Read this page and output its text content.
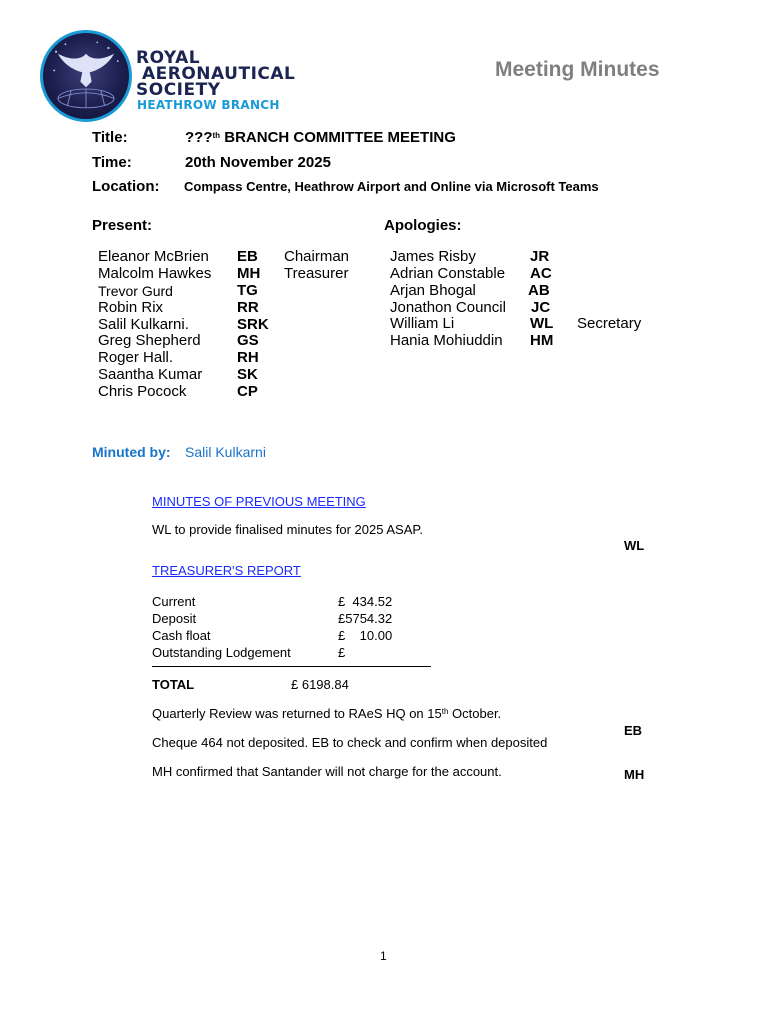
ROYAL
AERONAUTICAL
SOCIETY
HEATHROW BRANCH
Meeting Minutes
Title:	???$^{th}$ BRANCH COMMITTEE MEETING
Time:	20th November 2025
Location: Compass Centre, Heathrow Airport and Online via Microsoft Teams
Present:	Apologies:
Eleanor McBrien EB Chairman
Malcolm Hawkes MH Treasurer
Trevor Gurd	TG
Robin Rix	RR
Salil Kulkarni.	SRK
Greg Shepherd GS
Roger Hall.	RH
Saantha Kumar SK
Chris Pocock	CP
James Risby	JR
Adrian Constable AC
Arjan Bhogal	AB
Jonathon Council JC
William Li	WL Secretary
Hania Mohiuddin HM
Minuted by: Salil Kulkarni
MINUTES OF PREVIOUS MEETING
WL to provide finalised minutes for 2025 ASAP.
WL
TREASURER'S REPORT
Current	£  434.52
Deposit	£5754.32
Cash float	£    10.00
Outstanding Lodgement	£
TOTAL	£ 6198.84
Quarterly Review was returned to RAeS HQ on 15th October.
EB
Cheque 464 not deposited. EB to check and confirm when deposited
MH confirmed that Santander will not charge for the account.	MH
1
